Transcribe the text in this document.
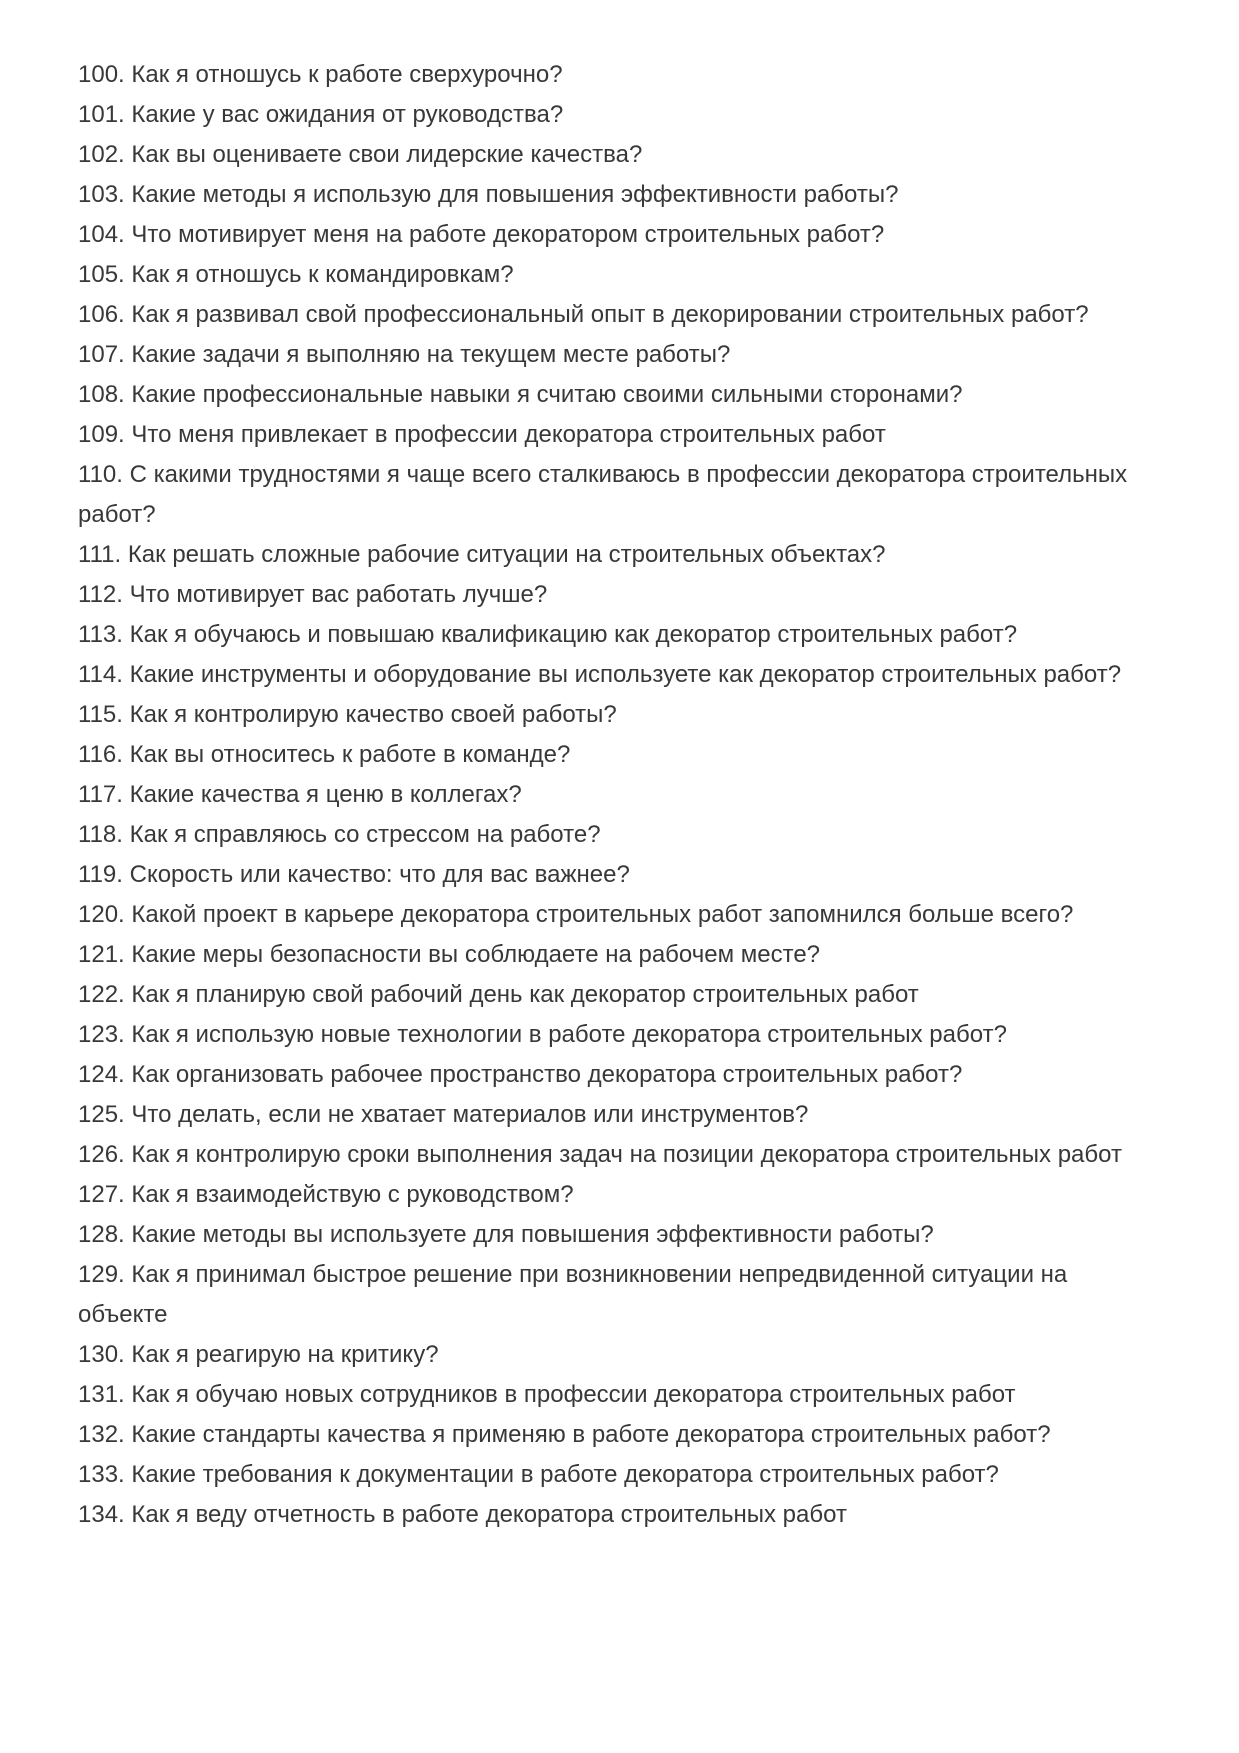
100. Как я отношусь к работе сверхурочно?

101. Какие у вас ожидания от руководства?

102. Как вы оцениваете свои лидерские качества?

103. Какие методы я использую для повышения эффективности работы?

104. Что мотивирует меня на работе декоратором строительных работ?

105. Как я отношусь к командировкам?

106. Как я развивал свой профессиональный опыт в декорировании строительных работ?

107. Какие задачи я выполняю на текущем месте работы?

108. Какие профессиональные навыки я считаю своими сильными сторонами?

109. Что меня привлекает в профессии декоратора строительных работ

110. С какими трудностями я чаще всего сталкиваюсь в профессии декоратора строительных работ?

111. Как решать сложные рабочие ситуации на строительных объектах?

112. Что мотивирует вас работать лучше?

113. Как я обучаюсь и повышаю квалификацию как декоратор строительных работ?

114. Какие инструменты и оборудование вы используете как декоратор строительных работ?

115. Как я контролирую качество своей работы?

116. Как вы относитесь к работе в команде?

117. Какие качества я ценю в коллегах?

118. Как я справляюсь со стрессом на работе?

119. Скорость или качество: что для вас важнее?

120. Какой проект в карьере декоратора строительных работ запомнился больше всего?

121. Какие меры безопасности вы соблюдаете на рабочем месте?

122. Как я планирую свой рабочий день как декоратор строительных работ

123. Как я использую новые технологии в работе декоратора строительных работ?

124. Как организовать рабочее пространство декоратора строительных работ?

125. Что делать, если не хватает материалов или инструментов?

126. Как я контролирую сроки выполнения задач на позиции декоратора строительных работ

127. Как я взаимодействую с руководством?

128. Какие методы вы используете для повышения эффективности работы?

129. Как я принимал быстрое решение при возникновении непредвиденной ситуации на объекте

130. Как я реагирую на критику?

131. Как я обучаю новых сотрудников в профессии декоратора строительных работ

132. Какие стандарты качества я применяю в работе декоратора строительных работ?

133. Какие требования к документации в работе декоратора строительных работ?

134. Как я веду отчетность в работе декоратора строительных работ
